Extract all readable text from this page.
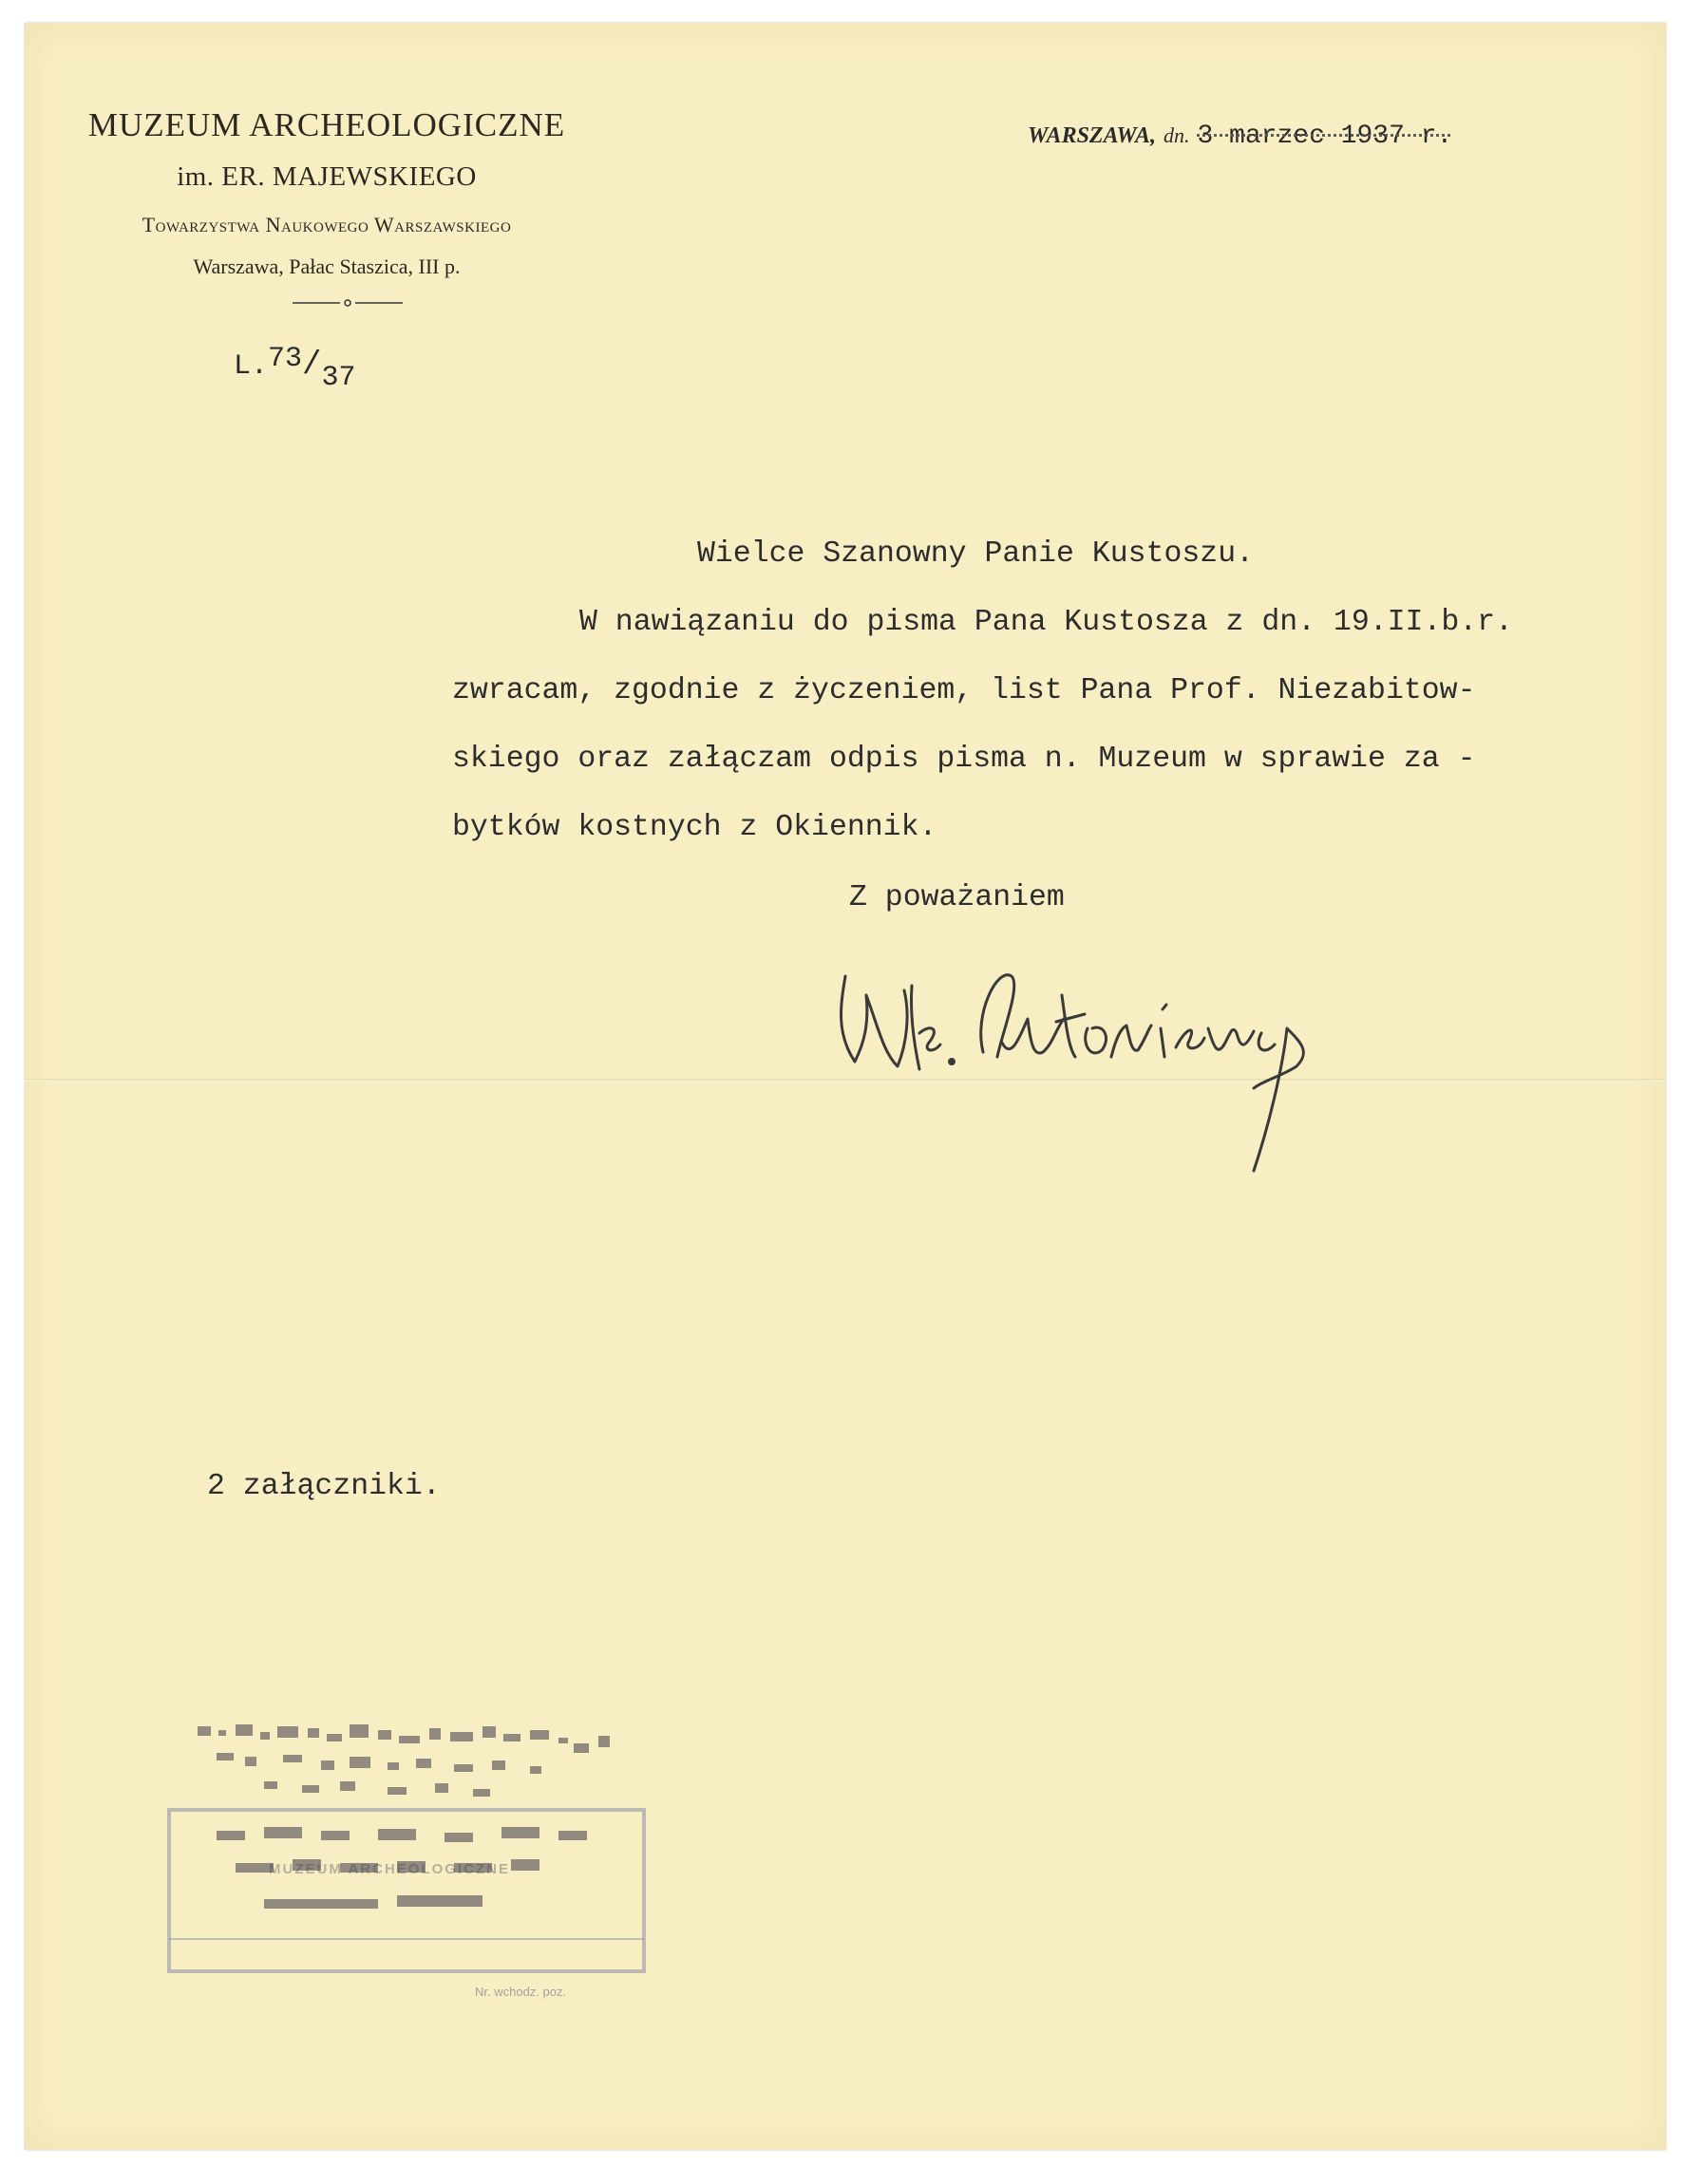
MUZEUM ARCHEOLOGICZNE
im. ER. MAJEWSKIEGO
Towarzystwa Naukowego Warszawskiego
Warszawa, Pałac Staszica, III p.
L.73/37
WARSZAWA, dn. 3 marzec 1937 r.
Wielce Szanowny Panie Kustoszu.
W nawiązaniu do pisma Pana Kustosza z dn. 19.II.b.r.
zwracam, zgodnie z życzeniem, list Pana Prof. Niezabitow-
skiego oraz załączam odpis pisma n. Muzeum w sprawie za -
bytków kostnych z Okiennik.
Z poważaniem
2 załączniki.
MUZEUM ARCHEOLOGICZNE
Nr. wchodz. poz.
